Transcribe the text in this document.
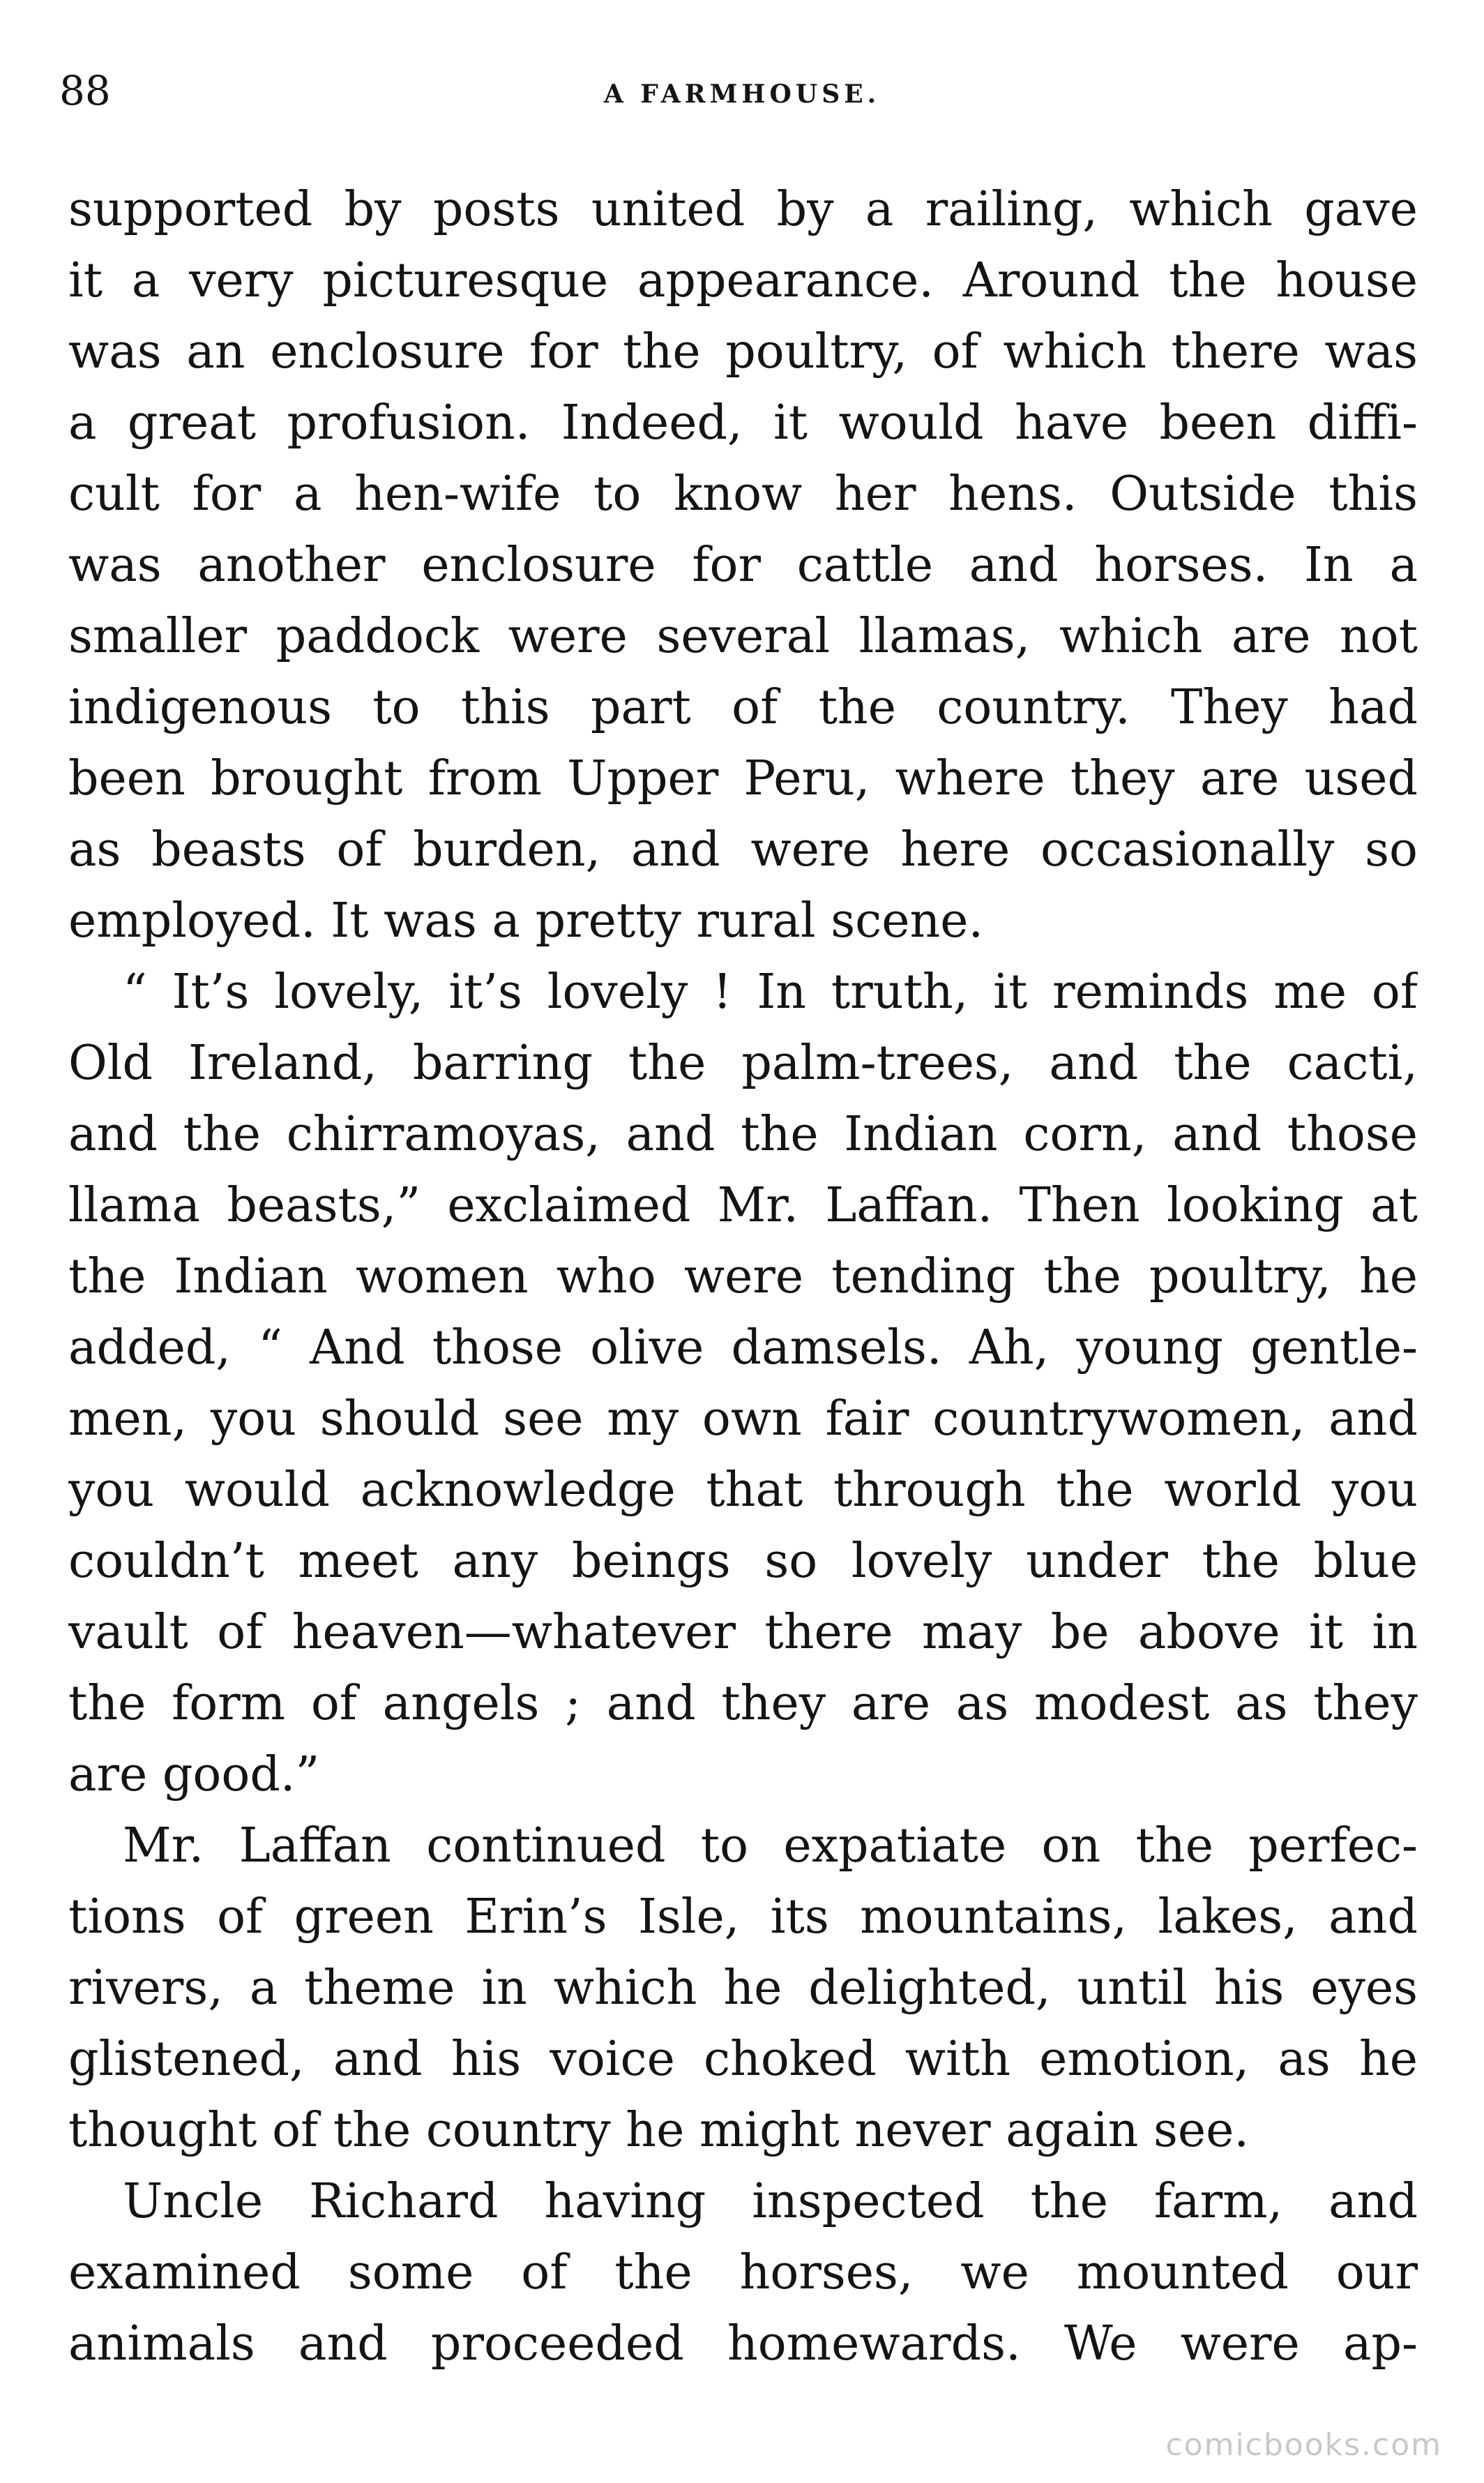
88	A FARMHOUSE.
supported by posts united by a railing, which gave
it a very picturesque appearance. Around the house
was an enclosure for the poultry, of which there was
a great profusion. Indeed, it would have been diffi-
cult for a hen-wife to know her hens. Outside this
was another enclosure for cattle and horses. In a
smaller paddock were several llamas, which are not
indigenous to this part of the country. They had
been brought from Upper Peru, where they are used
as beasts of burden, and were here occasionally so
employed. It was a pretty rural scene.
“ It’s lovely, it’s lovely ! In truth, it reminds me of
Old Ireland, barring the palm-trees, and the cacti,
and the chirramoyas, and the Indian corn, and those
llama beasts,” exclaimed Mr. Laffan. Then looking at
the Indian women who were tending the poultry, he
added, “ And those olive damsels. Ah, young gentle-
men, you should see my own fair countrywomen, and
you would acknowledge that through the world you
couldn’t meet any beings so lovely under the blue
vault of heaven—whatever there may be above it in
the form of angels ; and they are as modest as they
are good.”
Mr. Laffan continued to expatiate on the perfec-
tions of green Erin’s Isle, its mountains, lakes, and
rivers, a theme in which he delighted, until his eyes
glistened, and his voice choked with emotion, as he
thought of the country he might never again see.
Uncle Richard having inspected the farm, and
examined some of the horses, we mounted our
animals and proceeded homewards. We were ap-
comicbooks.com
